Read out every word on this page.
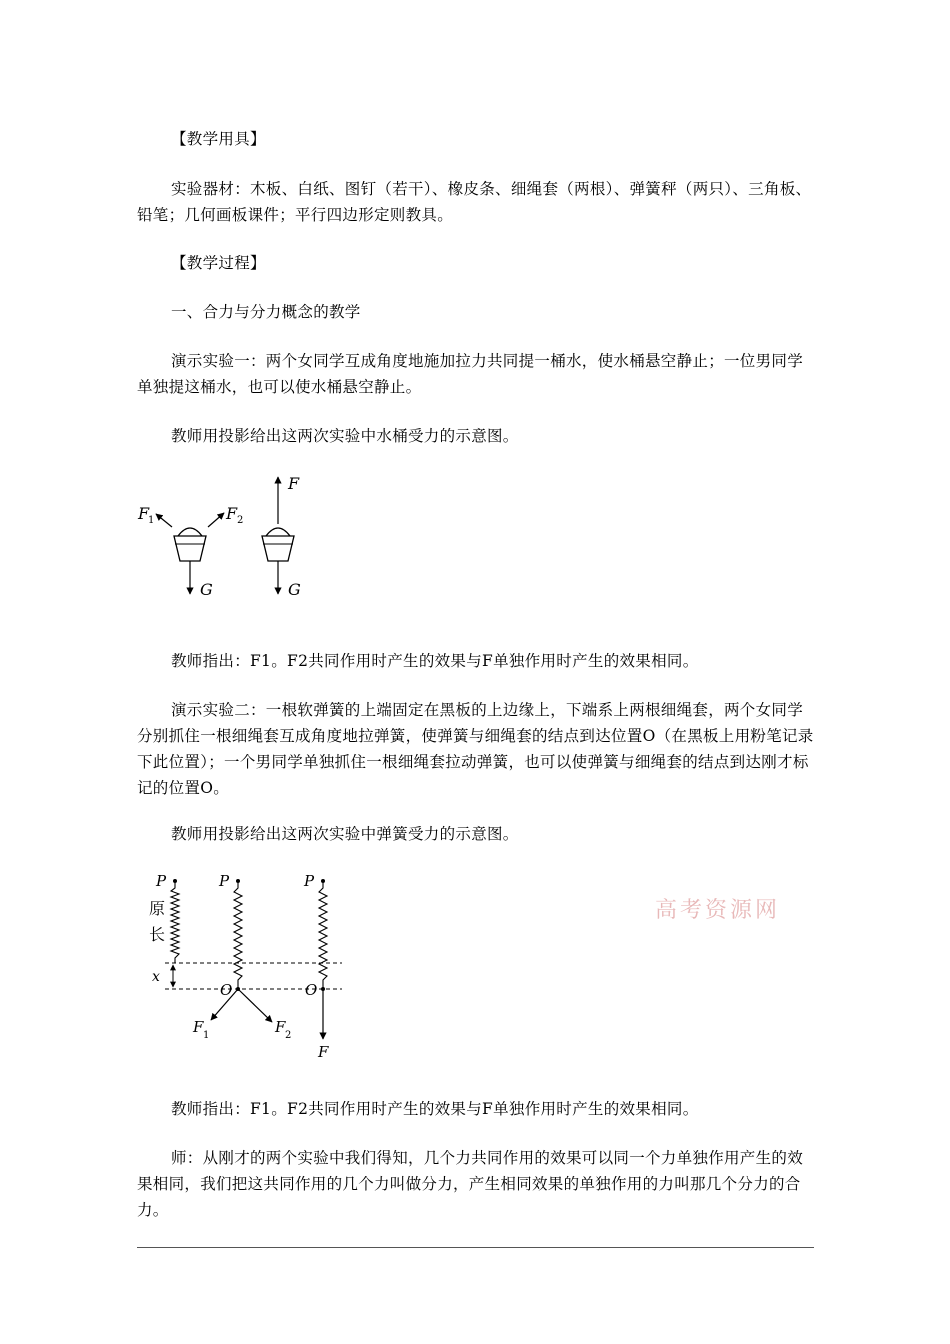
【教学用具】

实验器材：木板、白纸、图钉（若干）、橡皮条、细绳套（两根）、弹簧秤（两只）、三角板、铅笔；几何画板课件；平行四边形定则教具。

【教学过程】

一、合力与分力概念的教学

演示实验一：两个女同学互成角度地施加拉力共同提一桶水，使水桶悬空静止；一位男同学单独提这桶水，也可以使水桶悬空静止。

教师用投影给出这两次实验中水桶受力的示意图。

F
1	F 2
G
F
G

教师指出：F1。F2共同作用时产生的效果与F单独作用时产生的效果相同。

演示实验二：一根软弹簧的上端固定在黑板的上边缘上，下端系上两根细绳套，两个女同学分别抓住一根细绳套互成角度地拉弹簧，使弹簧与细绳套的结点到达位置O（在黑板上用粉笔记录下此位置）；一个男同学单独抓住一根细绳套拉动弹簧，也可以使弹簧与细绳套的结点到达刚才标记的位置O。

教师用投影给出这两次实验中弹簧受力的示意图。

P	P	P
原
长
x
O	O
F 1	F 2
F
高考资源网

教师指出：F1。F2共同作用时产生的效果与F单独作用时产生的效果相同。

师：从刚才的两个实验中我们得知，几个力共同作用的效果可以同一个力单独作用产生的效果相同，我们把这共同作用的几个力叫做分力，产生相同效果的单独作用的力叫那几个分力的合力。
